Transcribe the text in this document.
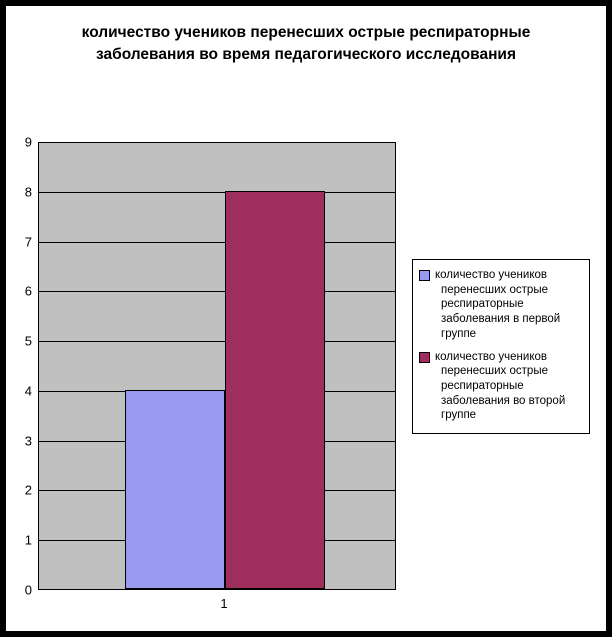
количество учеников перенесших острые респираторные заболевания во время педагогического исследования
0
1
2
3
4
5
6
7
8
9
1
количество учеников перенесших острые респираторные заболевания в первой группе
количество учеников перенесших острые респираторные заболевания во второй группе
